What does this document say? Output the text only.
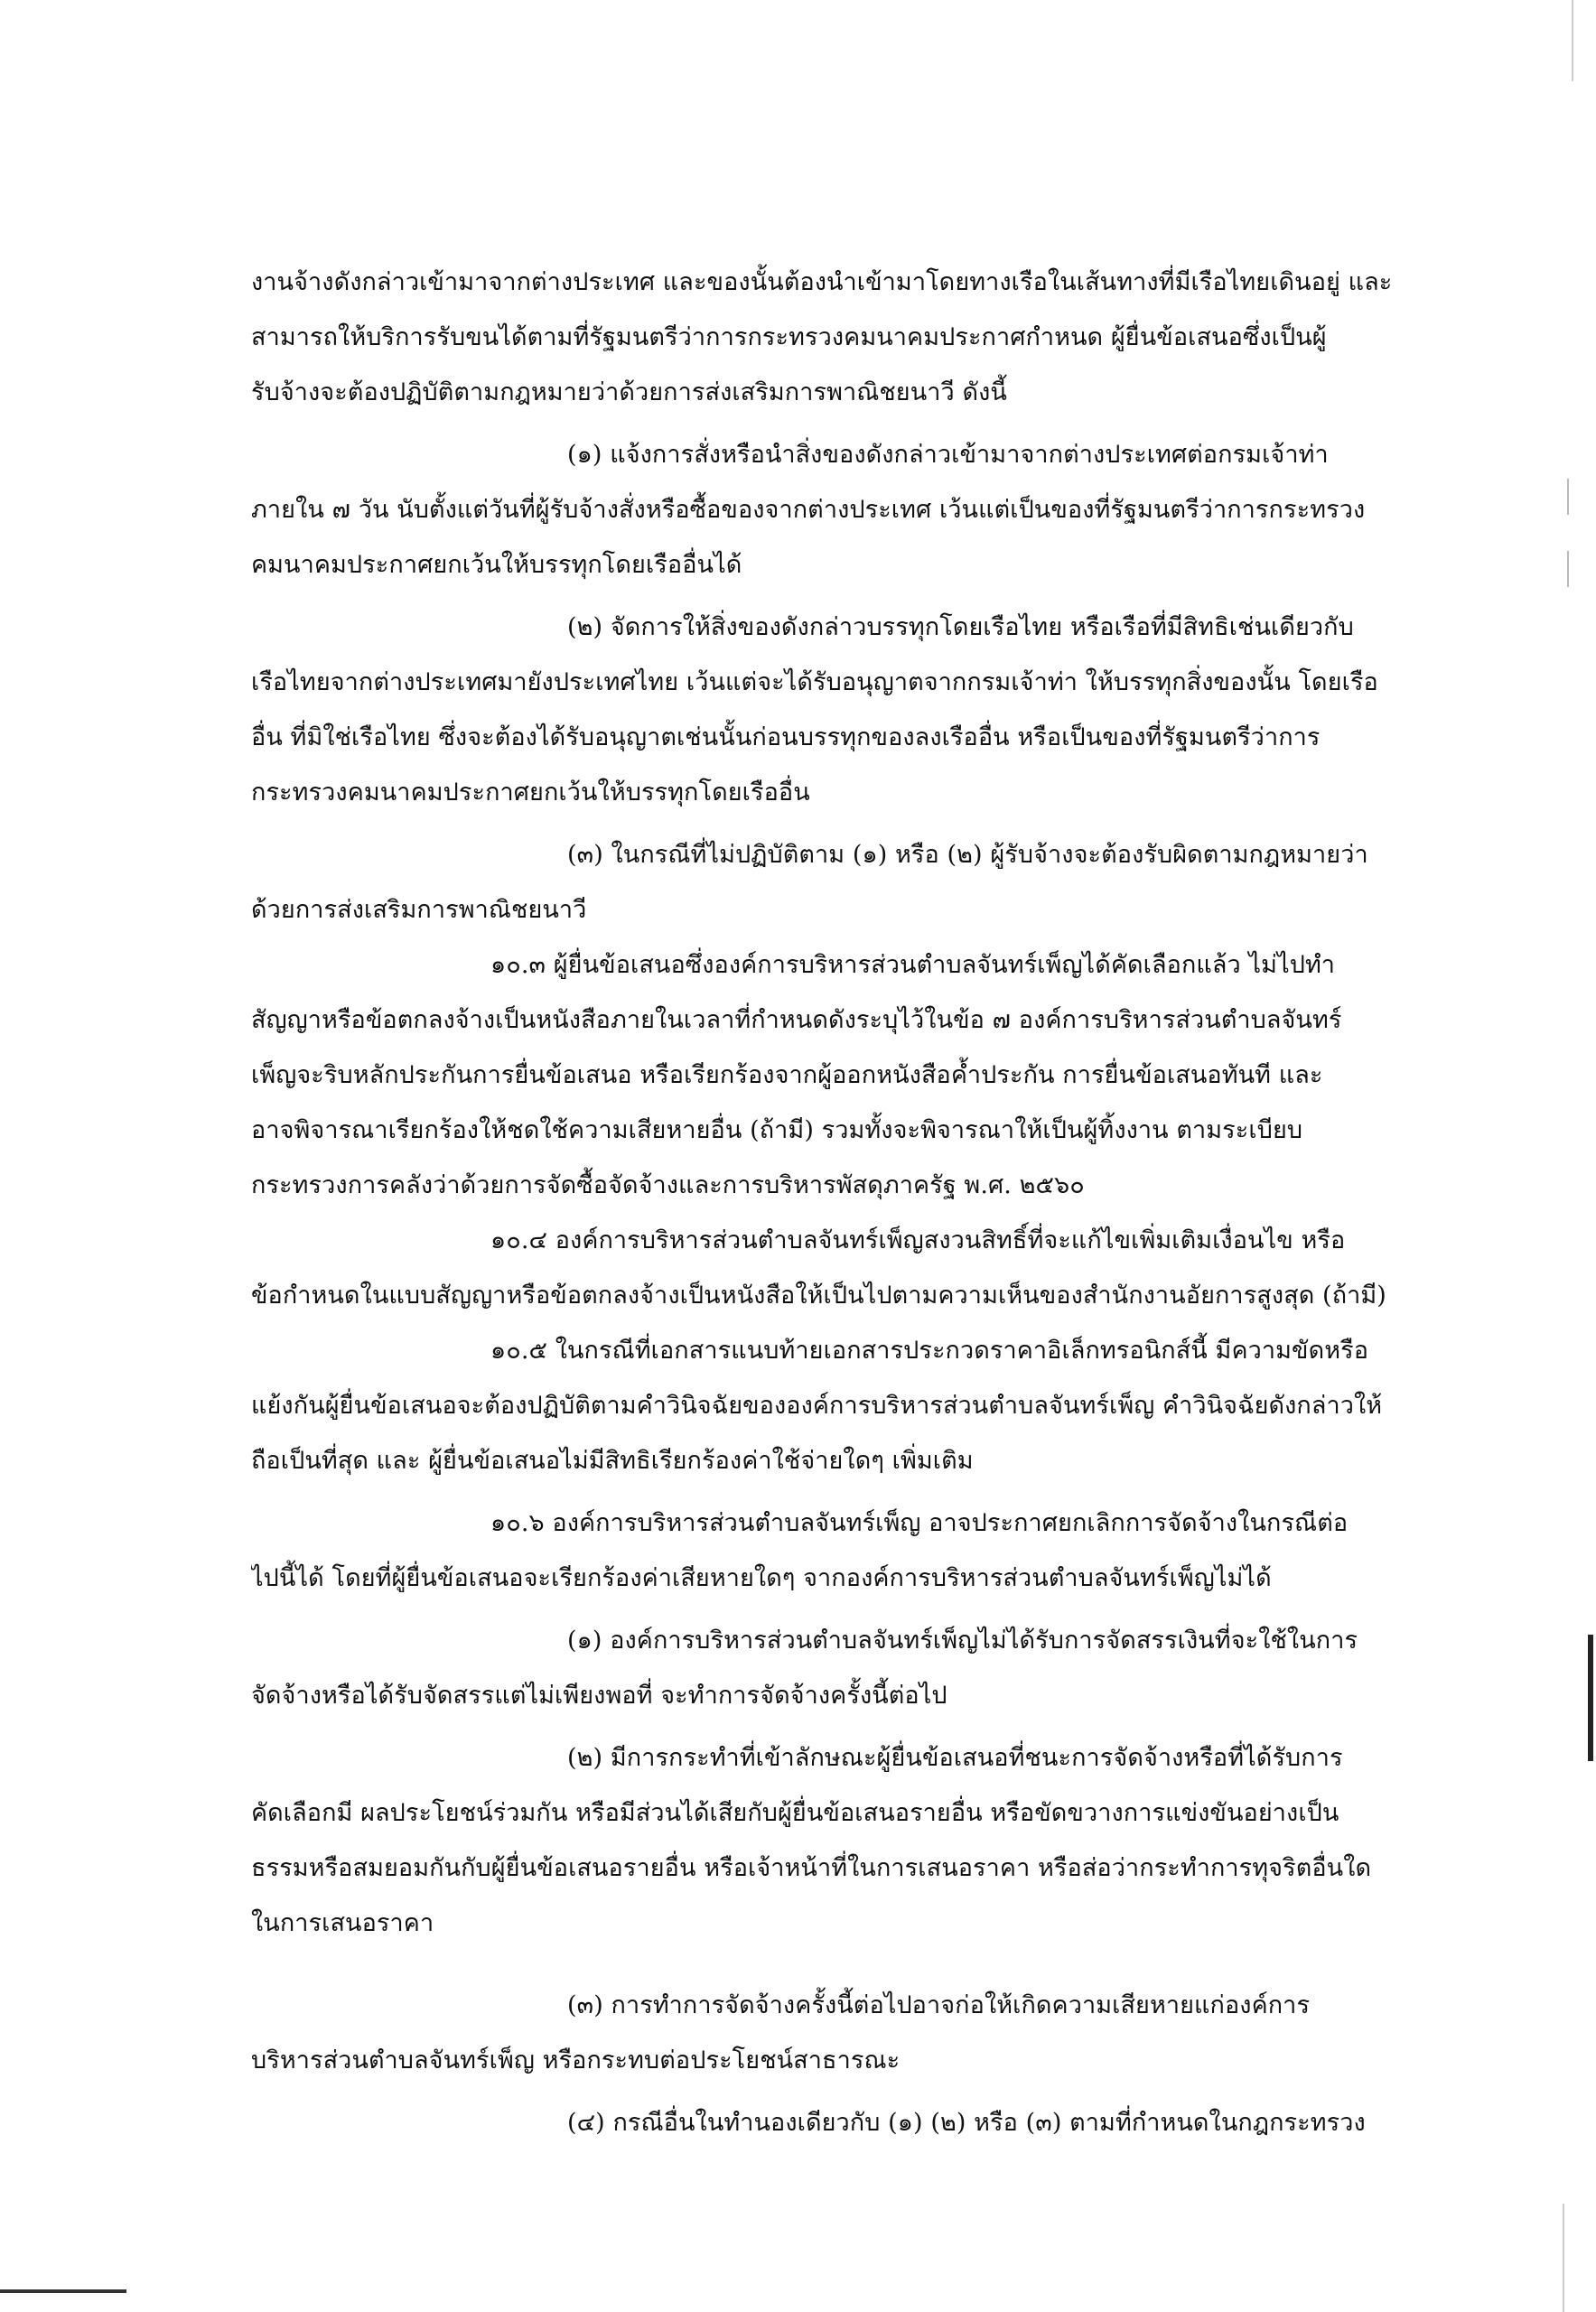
งานจ้างดังกล่าวเข้ามาจากต่างประเทศ และของนั้นต้องนำเข้ามาโดยทางเรือในเส้นทางที่มีเรือไทยเดินอยู่ และ
สามารถให้บริการรับขนได้ตามที่รัฐมนตรีว่าการกระทรวงคมนาคมประกาศกำหนด ผู้ยื่นข้อเสนอซึ่งเป็นผู้
รับจ้างจะต้องปฏิบัติตามกฎหมายว่าด้วยการส่งเสริมการพาณิชยนาวี ดังนี้
(๑) แจ้งการสั่งหรือนำสิ่งของดังกล่าวเข้ามาจากต่างประเทศต่อกรมเจ้าท่า
ภายใน ๗ วัน นับตั้งแต่วันที่ผู้รับจ้างสั่งหรือซื้อของจากต่างประเทศ เว้นแต่เป็นของที่รัฐมนตรีว่าการกระทรวง
คมนาคมประกาศยกเว้นให้บรรทุกโดยเรืออื่นได้
(๒) จัดการให้สิ่งของดังกล่าวบรรทุกโดยเรือไทย หรือเรือที่มีสิทธิเช่นเดียวกับ
เรือไทยจากต่างประเทศมายังประเทศไทย เว้นแต่จะได้รับอนุญาตจากกรมเจ้าท่า ให้บรรทุกสิ่งของนั้น โดยเรือ
อื่น ที่มิใช่เรือไทย ซึ่งจะต้องได้รับอนุญาตเช่นนั้นก่อนบรรทุกของลงเรืออื่น หรือเป็นของที่รัฐมนตรีว่าการ
กระทรวงคมนาคมประกาศยกเว้นให้บรรทุกโดยเรืออื่น
(๓) ในกรณีที่ไม่ปฏิบัติตาม (๑) หรือ (๒) ผู้รับจ้างจะต้องรับผิดตามกฎหมายว่า
ด้วยการส่งเสริมการพาณิชยนาวี
๑๐.๓ ผู้ยื่นข้อเสนอซึ่งองค์การบริหารส่วนตำบลจันทร์เพ็ญได้คัดเลือกแล้ว ไม่ไปทำ
สัญญาหรือข้อตกลงจ้างเป็นหนังสือภายในเวลาที่กำหนดดังระบุไว้ในข้อ ๗ องค์การบริหารส่วนตำบลจันทร์
เพ็ญจะริบหลักประกันการยื่นข้อเสนอ หรือเรียกร้องจากผู้ออกหนังสือค้ำประกัน การยื่นข้อเสนอทันที และ
อาจพิจารณาเรียกร้องให้ชดใช้ความเสียหายอื่น (ถ้ามี) รวมทั้งจะพิจารณาให้เป็นผู้ทิ้งงาน ตามระเบียบ
กระทรวงการคลังว่าด้วยการจัดซื้อจัดจ้างและการบริหารพัสดุภาครัฐ พ.ศ. ๒๕๖๐
๑๐.๔ องค์การบริหารส่วนตำบลจันทร์เพ็ญสงวนสิทธิ์ที่จะแก้ไขเพิ่มเติมเงื่อนไข หรือ
ข้อกำหนดในแบบสัญญาหรือข้อตกลงจ้างเป็นหนังสือให้เป็นไปตามความเห็นของสำนักงานอัยการสูงสุด (ถ้ามี)
๑๐.๕ ในกรณีที่เอกสารแนบท้ายเอกสารประกวดราคาอิเล็กทรอนิกส์นี้ มีความขัดหรือ
แย้งกันผู้ยื่นข้อเสนอจะต้องปฏิบัติตามคำวินิจฉัยขององค์การบริหารส่วนตำบลจันทร์เพ็ญ คำวินิจฉัยดังกล่าวให้
ถือเป็นที่สุด และ ผู้ยื่นข้อเสนอไม่มีสิทธิเรียกร้องค่าใช้จ่ายใดๆ เพิ่มเติม
๑๐.๖ องค์การบริหารส่วนตำบลจันทร์เพ็ญ อาจประกาศยกเลิกการจัดจ้างในกรณีต่อ
ไปนี้ได้ โดยที่ผู้ยื่นข้อเสนอจะเรียกร้องค่าเสียหายใดๆ จากองค์การบริหารส่วนตำบลจันทร์เพ็ญไม่ได้
(๑) องค์การบริหารส่วนตำบลจันทร์เพ็ญไม่ได้รับการจัดสรรเงินที่จะใช้ในการ
จัดจ้างหรือได้รับจัดสรรแต่ไม่เพียงพอที่ จะทำการจัดจ้างครั้งนี้ต่อไป
(๒) มีการกระทำที่เข้าลักษณะผู้ยื่นข้อเสนอที่ชนะการจัดจ้างหรือที่ได้รับการ
คัดเลือกมี ผลประโยชน์ร่วมกัน หรือมีส่วนได้เสียกับผู้ยื่นข้อเสนอรายอื่น หรือขัดขวางการแข่งขันอย่างเป็น
ธรรมหรือสมยอมกันกับผู้ยื่นข้อเสนอรายอื่น หรือเจ้าหน้าที่ในการเสนอราคา หรือส่อว่ากระทำการทุจริตอื่นใด
ในการเสนอราคา
(๓) การทำการจัดจ้างครั้งนี้ต่อไปอาจก่อให้เกิดความเสียหายแก่องค์การ
บริหารส่วนตำบลจันทร์เพ็ญ หรือกระทบต่อประโยชน์สาธารณะ
(๔) กรณีอื่นในทำนองเดียวกับ (๑) (๒) หรือ (๓) ตามที่กำหนดในกฎกระทรวง
